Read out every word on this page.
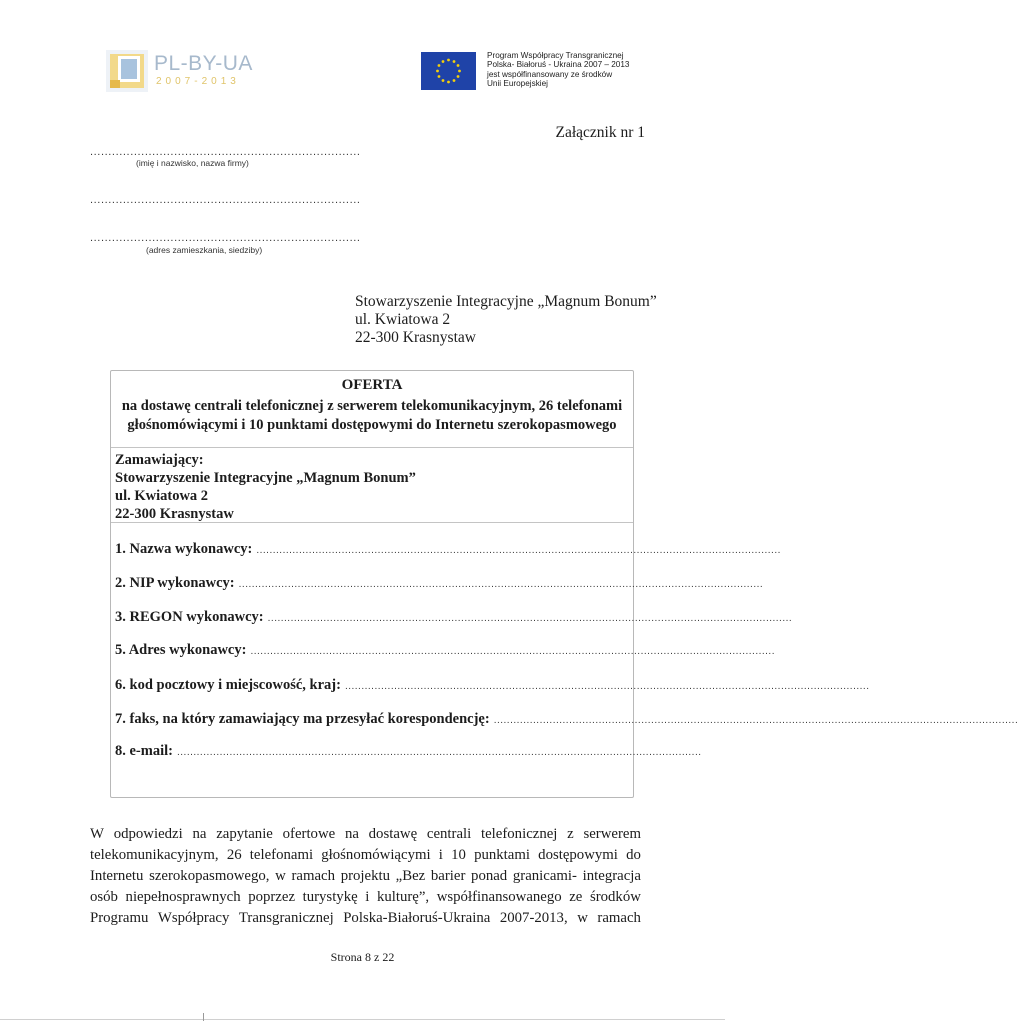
PL-BY-UA
2007-2013
Program Współpracy Transgranicznej
Polska- Białoruś - Ukraina 2007 – 2013
jest współfinansowany ze środków
Unii Europejskiej
Załącznik nr 1
..........................................................................
(imię i nazwisko, nazwa firmy)
..........................................................................
..........................................................................
(adres zamieszkania, siedziby)
Stowarzyszenie Integracyjne „Magnum Bonum”
ul. Kwiatowa 2
22-300 Krasnystaw
OFERTA
na dostawę centrali telefonicznej z serwerem telekomunikacyjnym, 26 telefonami
głośnomówiącymi i 10 punktami dostępowymi do Internetu szerokopasmowego
Zamawiający:
Stowarzyszenie Integracyjne „Magnum Bonum”
ul. Kwiatowa 2
22-300 Krasnystaw
1. Nazwa wykonawcy: ................................................................................................................................................................
2. NIP wykonawcy: ................................................................................................................................................................
3. REGON wykonawcy: ................................................................................................................................................................
5. Adres wykonawcy: ................................................................................................................................................................
6. kod pocztowy i miejscowość, kraj: ................................................................................................................................................................
7. faks, na który zamawiający ma przesyłać korespondencję: ................................................................................................................................................................
8. e-mail: ................................................................................................................................................................
W odpowiedzi na zapytanie ofertowe na dostawę centrali telefonicznej z serwerem
telekomunikacyjnym, 26 telefonami głośnomówiącymi i 10 punktami dostępowymi do
Internetu szerokopasmowego, w ramach projektu „Bez barier ponad granicami- integracja
osób niepełnosprawnych poprzez turystykę i kulturę”, współfinansowanego ze środków
Programu Współpracy Transgranicznej Polska-Białoruś-Ukraina 2007-2013, w ramach
Strona 8 z 22
